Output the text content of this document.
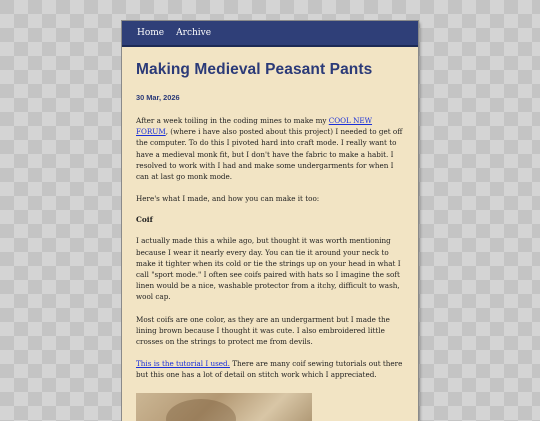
Home Archive
Making Medieval Peasant Pants
30 Mar, 2026

After a week toiling in the coding mines to make my COOL NEW FORUM, (where i have also posted about this project) I needed to get off the computer. To do this I pivoted hard into craft mode. I really want to have a medieval monk fit, but I don't have the fabric to make a habit. I resolved to work with I had and make some undergarments for when I can at last go monk mode.

Here's what I made, and how you can make it too:

Coif

I actually made this a while ago, but thought it was worth mentioning because I wear it nearly every day. You can tie it around your neck to make it tighter when its cold or tie the strings up on your head in what I call "sport mode." I often see coifs paired with hats so I imagine the soft linen would be a nice, washable protector from a itchy, difficult to wash, wool cap.

Most coifs are one color, as they are an undergarment but I made the lining brown because I thought it was cute. I also embroidered little crosses on the strings to protect me from devils.

This is the tutorial I used. There are many coif sewing tutorials out there but this one has a lot of detail on stitch work which I appreciated.
